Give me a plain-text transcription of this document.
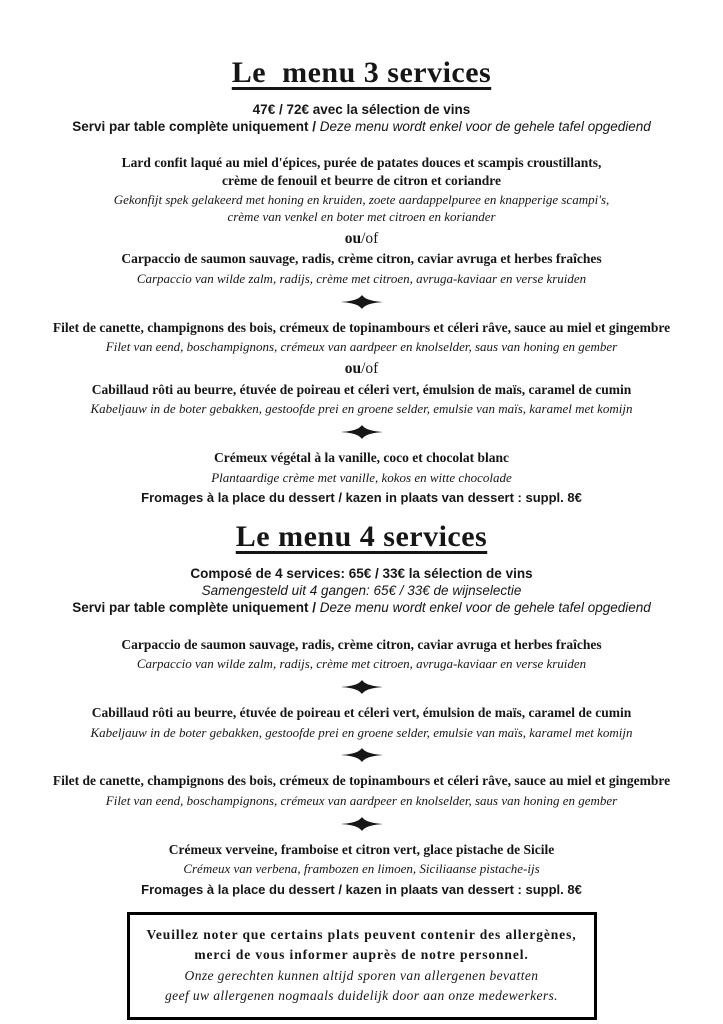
Le  menu 3 services
47€ / 72€ avec la sélection de vins
Servi par table complète uniquement / Deze menu wordt enkel voor de gehele tafel opgediend
Lard confit laqué au miel d'épices, purée de patates douces et scampis croustillants,
crème de fenouil et beurre de citron et coriandre
Gekonfijt spek gelakeerd met honing en kruiden, zoete aardappelpuree en knapperige scampi's,
crème van venkel en boter met citroen en koriander
ou/of
Carpaccio de saumon sauvage, radis, crème citron, caviar avruga et herbes fraîches
Carpaccio van wilde zalm, radijs, crème met citroen, avruga-kaviaar en verse kruiden
Filet de canette, champignons des bois, crémeux de topinambours et céleri râve, sauce au miel et gingembre
Filet van eend, boschampignons, crémeux van aardpeer en knolselder, saus van honing en gember
ou/of
Cabillaud rôti au beurre, étuvée de poireau et céleri vert, émulsion de maïs, caramel de cumin
Kabeljauw in de boter gebakken, gestoofde prei en groene selder, emulsie van maïs, karamel met komijn
Crémeux végétal à la vanille, coco et chocolat blanc
Plantaardige crème met vanille, kokos en witte chocolade
Fromages à la place du dessert / kazen in plaats van dessert : suppl. 8€
Le menu 4 services
Composé de 4 services: 65€ / 33€ la sélection de vins
Samengesteld uit 4 gangen: 65€ / 33€ de wijnselectie
Servi par table complète uniquement / Deze menu wordt enkel voor de gehele tafel opgediend
Carpaccio de saumon sauvage, radis, crème citron, caviar avruga et herbes fraîches
Carpaccio van wilde zalm, radijs, crème met citroen, avruga-kaviaar en verse kruiden
Cabillaud rôti au beurre, étuvée de poireau et céleri vert, émulsion de maïs, caramel de cumin
Kabeljauw in de boter gebakken, gestoofde prei en groene selder, emulsie van maïs, karamel met komijn
Filet de canette, champignons des bois, crémeux de topinambours et céleri râve, sauce au miel et gingembre
Filet van eend, boschampignons, crémeux van aardpeer en knolselder, saus van honing en gember
Crémeux verveine, framboise et citron vert, glace pistache de Sicile
Crémeux van verbena, frambozen en limoen, Siciliaanse pistache-ijs
Fromages à la place du dessert / kazen in plaats van dessert : suppl. 8€
Veuillez noter que certains plats peuvent contenir des allergènes,
merci de vous informer auprès de notre personnel.
Onze gerechten kunnen altijd sporen van allergenen bevatten
geef uw allergenen nogmaals duidelijk door aan onze medewerkers.
